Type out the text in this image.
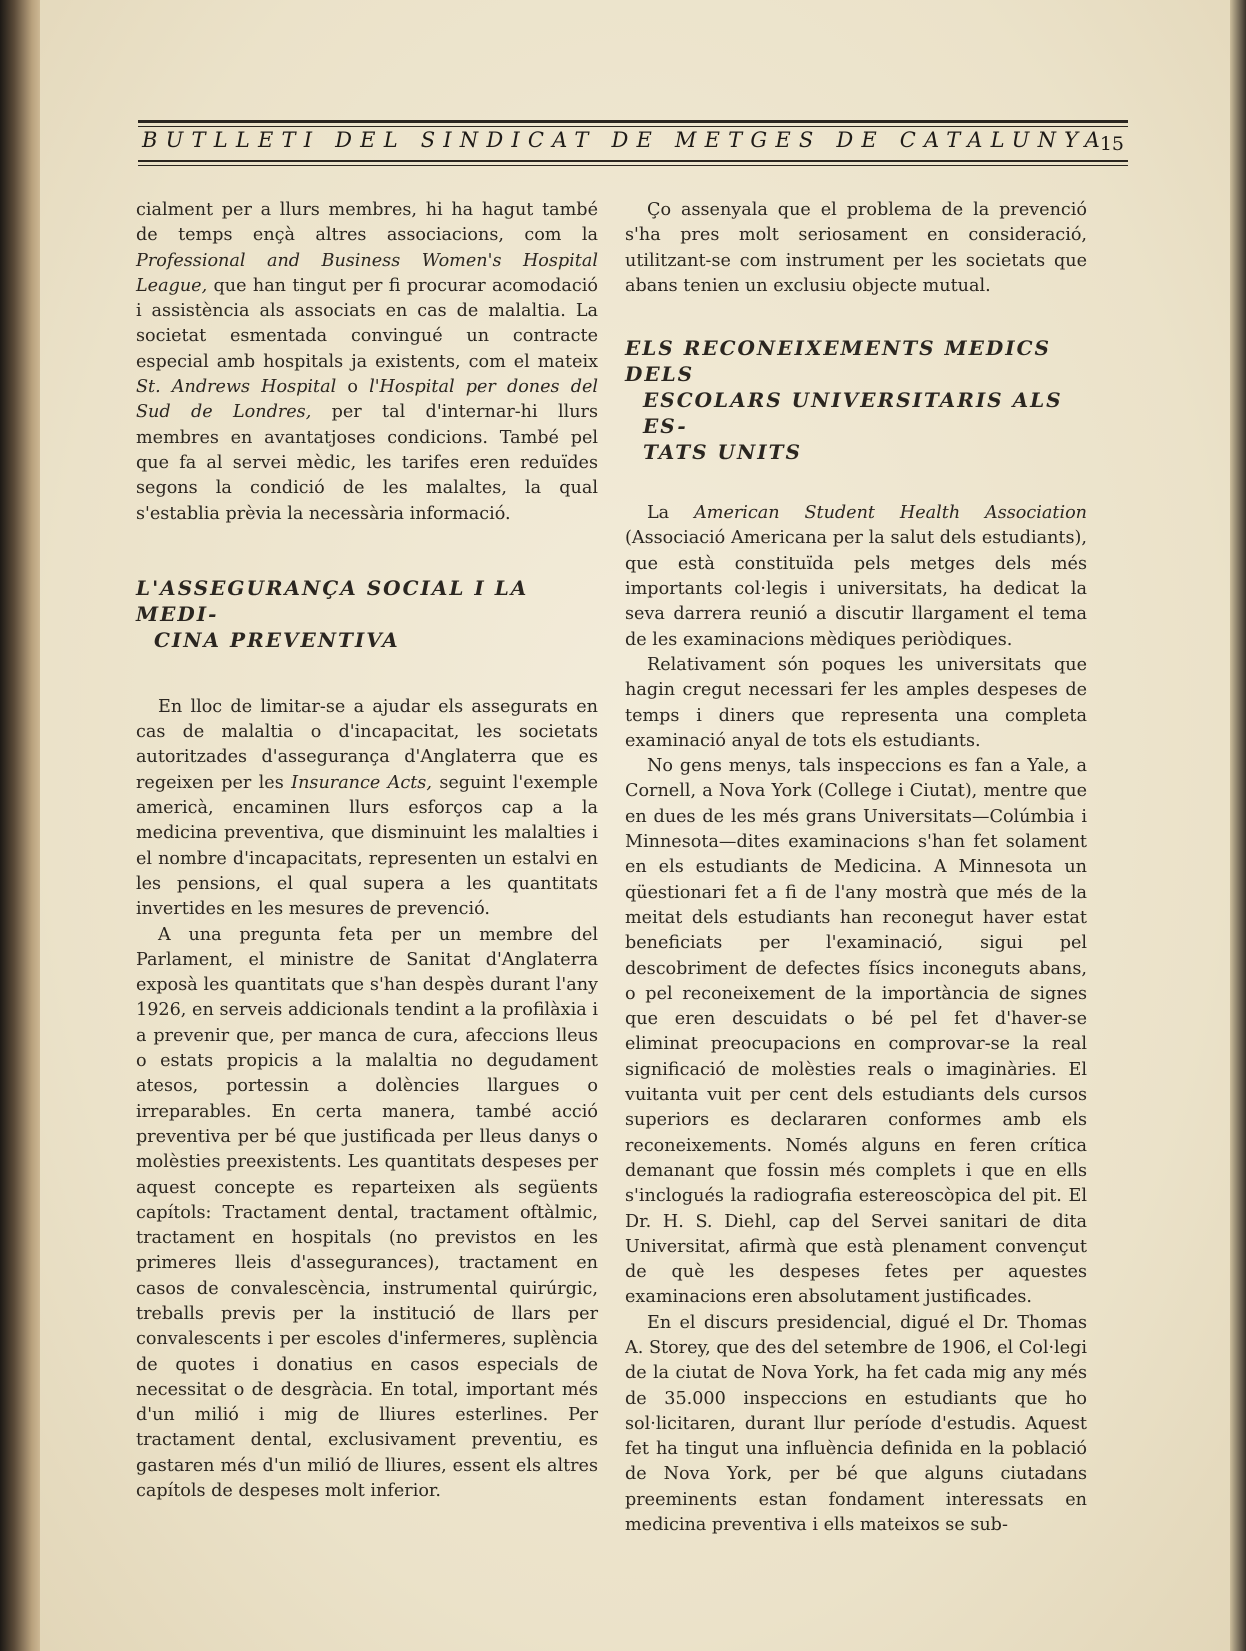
BUTLLETI DEL SINDICAT DE METGES DE CATALUNYA
15

cialment per a llurs membres, hi ha hagut també de temps ençà altres associacions, com la Professional and Business Women's Hospital League, que han tingut per fi procurar acomodació i assistència als associats en cas de malaltia. La societat esmentada convingué un contracte especial amb hospitals ja existents, com el mateix St. Andrews Hospital o l'Hospital per dones del Sud de Londres, per tal d'internar-hi llurs membres en avantatjoses condicions. També pel que fa al servei mèdic, les tarifes eren reduïdes segons la condició de les malaltes, la qual s'establia prèvia la necessària informació.

L'ASSEGURANÇA SOCIAL I LA MEDI-
CINA PREVENTIVA

En lloc de limitar-se a ajudar els assegurats en cas de malaltia o d'incapacitat, les societats autoritzades d'assegurança d'Anglaterra que es regeixen per les Insurance Acts, seguint l'exemple americà, encaminen llurs esforços cap a la medicina preventiva, que disminuint les malalties i el nombre d'incapacitats, representen un estalvi en les pensions, el qual supera a les quantitats invertides en les mesures de prevenció.

A una pregunta feta per un membre del Parlament, el ministre de Sanitat d'Anglaterra exposà les quantitats que s'han despès durant l'any 1926, en serveis addicionals tendint a la profilàxia i a prevenir que, per manca de cura, afeccions lleus o estats propicis a la malaltia no degudament atesos, portessin a dolències llargues o irreparables. En certa manera, també acció preventiva per bé que justificada per lleus danys o molèsties preexistents. Les quantitats despeses per aquest concepte es reparteixen als següents capítols: Tractament dental, tractament oftàlmic, tractament en hospitals (no previstos en les primeres lleis d'assegurances), tractament en casos de convalescència, instrumental quirúrgic, treballs previs per la institució de llars per convalescents i per escoles d'infermeres, suplència de quotes i donatius en casos especials de necessitat o de desgràcia. En total, important més d'un milió i mig de lliures esterlines. Per tractament dental, exclusivament preventiu, es gastaren més d'un milió de lliures, essent els altres capítols de despeses molt inferior.

Ço assenyala que el problema de la prevenció s'ha pres molt seriosament en consideració, utilitzant-se com instrument per les societats que abans tenien un exclusiu objecte mutual.

ELS RECONEIXEMENTS MEDICS DELS
ESCOLARS UNIVERSITARIS ALS ES-
TATS UNITS

La American Student Health Association (Associació Americana per la salut dels estudiants), que està constituïda pels metges dels més importants col·legis i universitats, ha dedicat la seva darrera reunió a discutir llargament el tema de les examinacions mèdiques periòdiques.

Relativament són poques les universitats que hagin cregut necessari fer les amples despeses de temps i diners que representa una completa examinació anyal de tots els estudiants.

No gens menys, tals inspeccions es fan a Yale, a Cornell, a Nova York (College i Ciutat), mentre que en dues de les més grans Universitats—Colúmbia i Minnesota—dites examinacions s'han fet solament en els estudiants de Medicina. A Minnesota un qüestionari fet a fi de l'any mostrà que més de la meitat dels estudiants han reconegut haver estat beneficiats per l'examinació, sigui pel descobriment de defectes físics inconeguts abans, o pel reconeixement de la importància de signes que eren descuidats o bé pel fet d'haver-se eliminat preocupacions en comprovar-se la real significació de molèsties reals o imaginàries. El vuitanta vuit per cent dels estudiants dels cursos superiors es declararen conformes amb els reconeixements. Només alguns en feren crítica demanant que fossin més complets i que en ells s'inclogués la radiografia estereoscòpica del pit. El Dr. H. S. Diehl, cap del Servei sanitari de dita Universitat, afirmà que està plenament convençut de què les despeses fetes per aquestes examinacions eren absolutament justificades.

En el discurs presidencial, digué el Dr. Thomas A. Storey, que des del setembre de 1906, el Col·legi de la ciutat de Nova York, ha fet cada mig any més de 35.000 inspeccions en estudiants que ho sol·licitaren, durant llur període d'estudis. Aquest fet ha tingut una influència definida en la població de Nova York, per bé que alguns ciutadans preeminents estan fondament interessats en medicina preventiva i ells mateixos se sub-
